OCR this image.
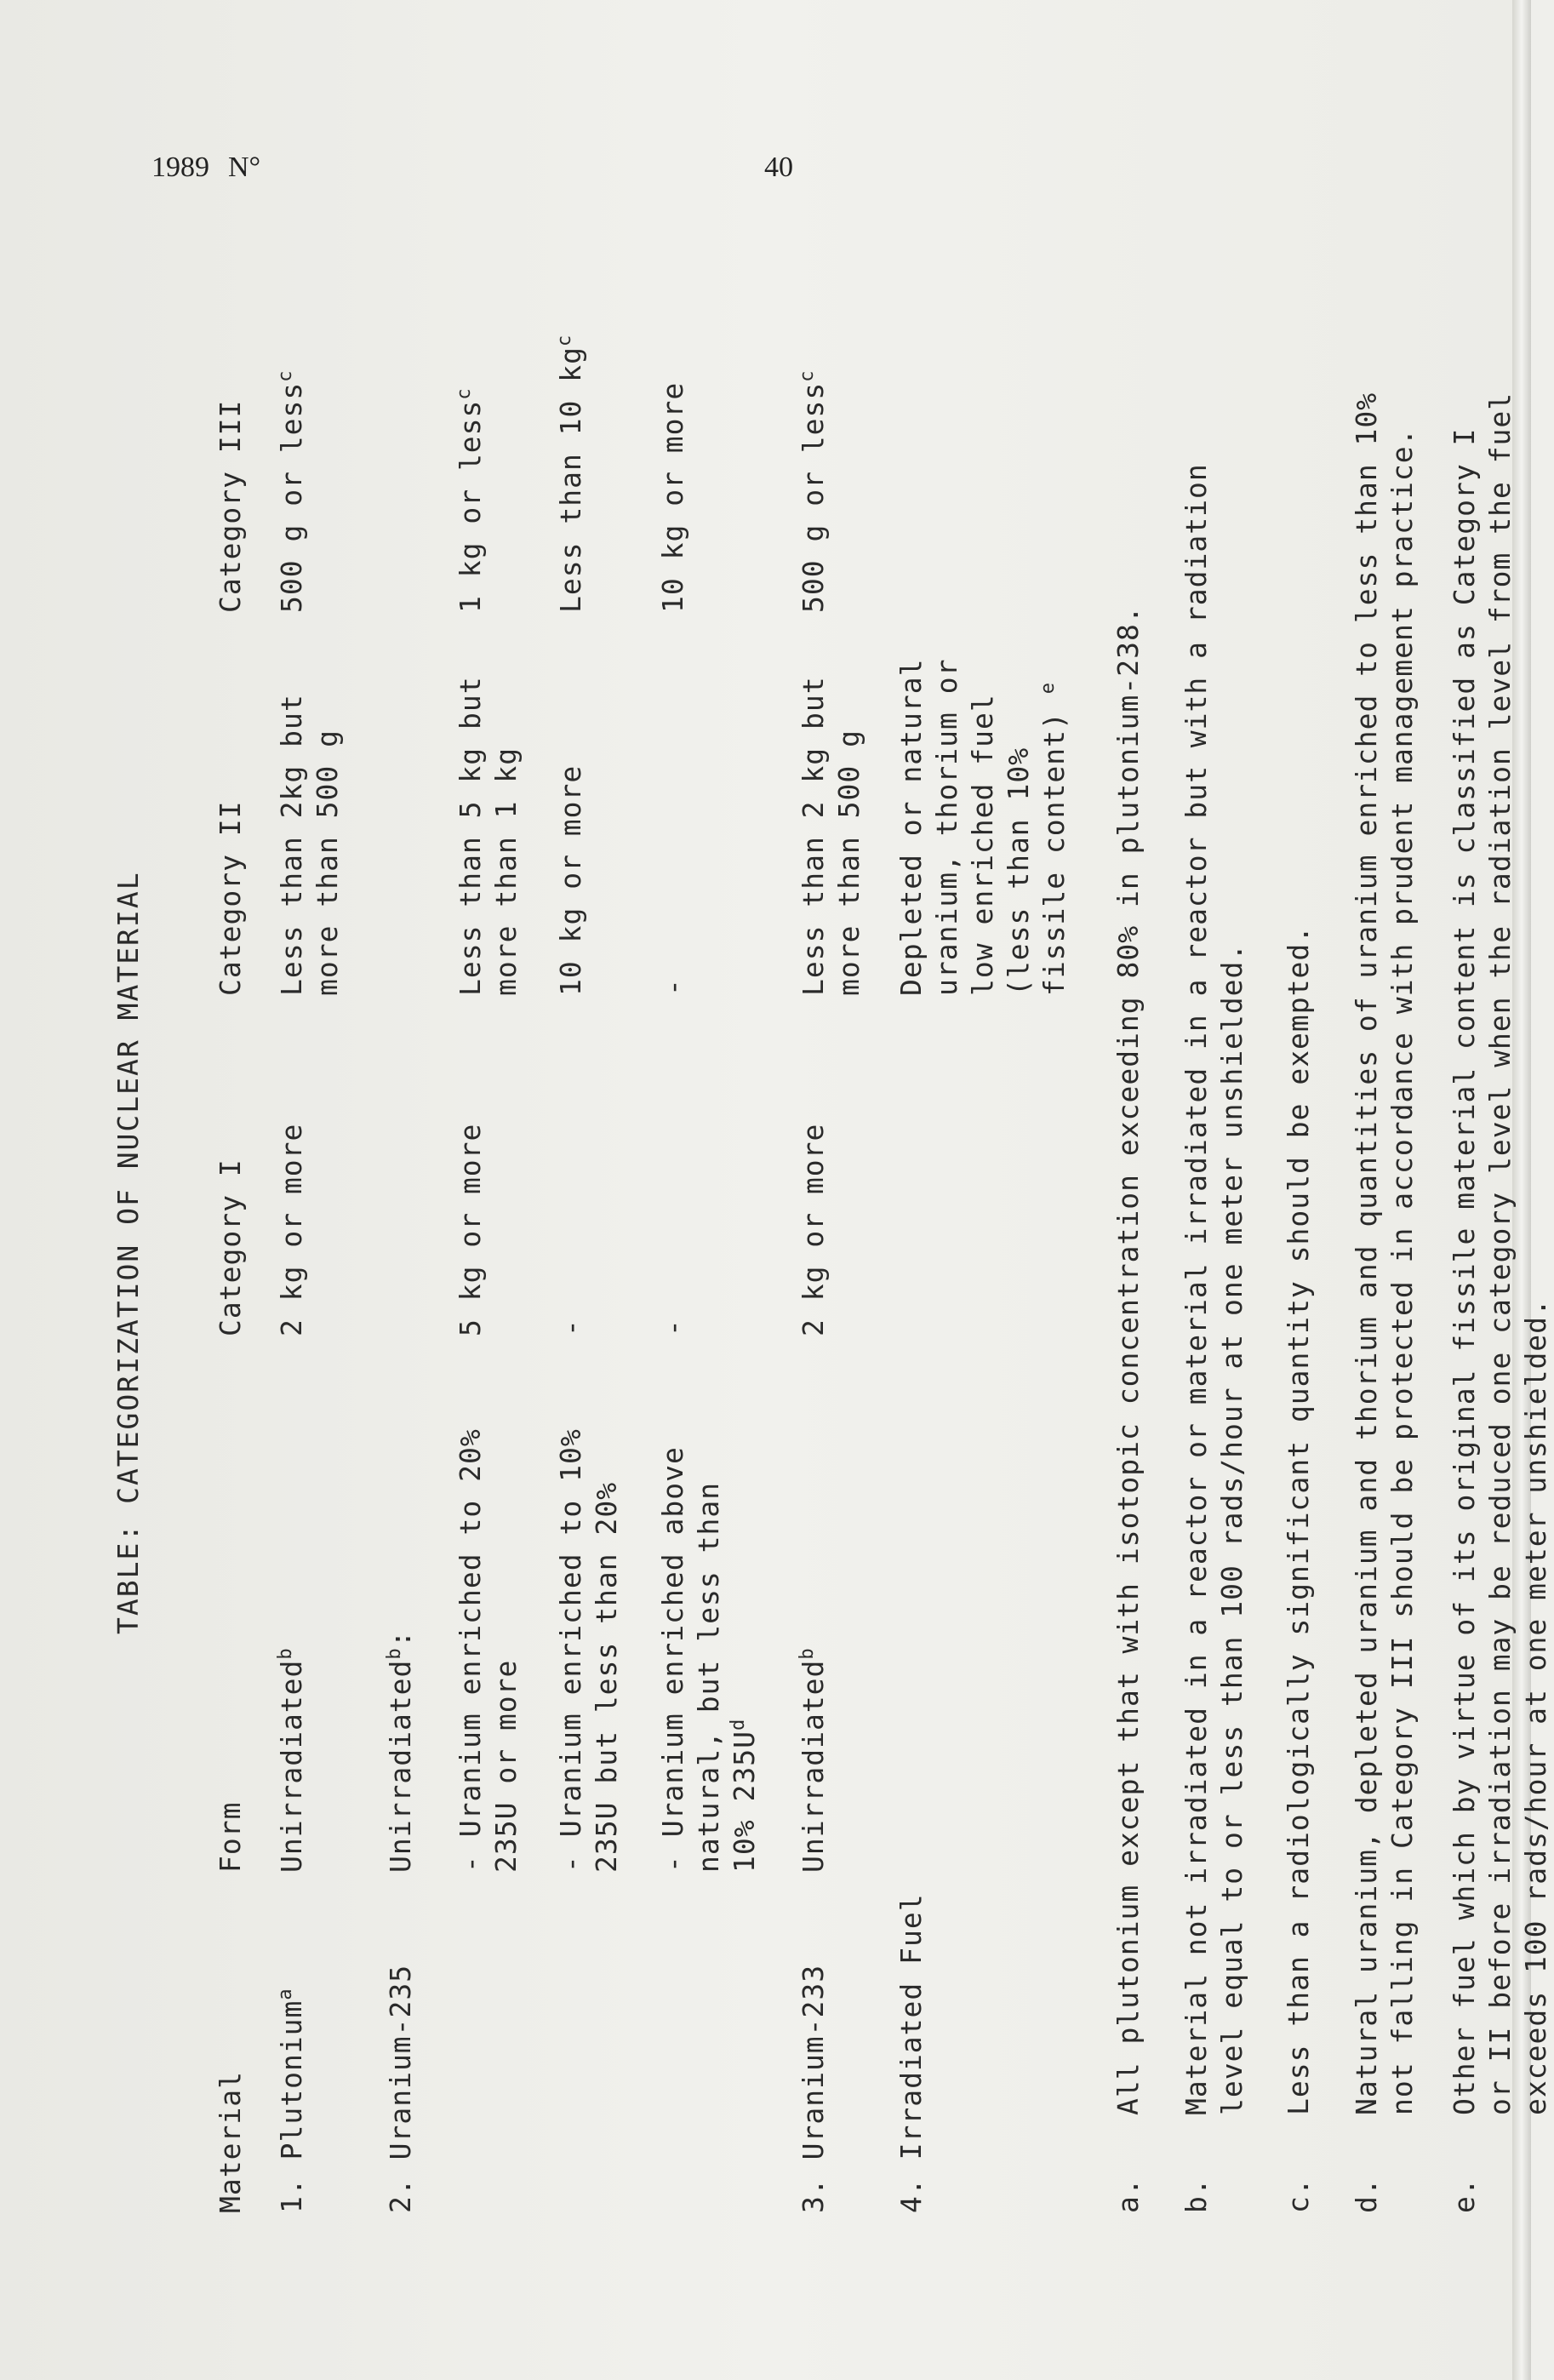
1989 N°	40
TABLE: CATEGORIZATION OF NUCLEAR MATERIAL
Material
Form
Category I
Category II
Category III
1. Plutonium$^a$
Unirradiated$^b$
2 kg or more
Less than 2kg but
more than 500 g
500 g or less$^c$
2. Uranium-235
Unirradiated$^b$:
- Uranium enriched to 20%
235U or more
5 kg or more
Less than 5 kg but
more than 1 kg
1 kg or less$^c$
- Uranium enriched to 10%
235U but less than 20%
-
10 kg or more
Less than 10 $kg^c$
- Uranium enriched above
natural, but less than
10% $235U^d$
-
-
10 kg or more
3. Uranium-233
Unirradiated$^b$
2 kg or more
Less than 2 kg but
more than 500 g
500 g or less$^c$
4. Irradiated Fuel
Depleted or natural
uranium, thorium or
low enriched fuel
(less than 10%
fissile content) $^e$
a.
All plutonium except that with isotopic concentration exceeding 80% in plutonium-238.
b.
Material not irradiated in a reactor or material irradiated in a reactor but with a radiation
level equal to or less than 100 rads/hour at one meter unshielded.
c.
Less than a radiologically significant quantity should be exempted.
d.
Natural uranium, depleted uranium and thorium and quantities of uranium enriched to less than 10%
not falling in Category III should be protected in accordance with prudent management practice.
e.
Other fuel which by virtue of its original fissile material content is classified as Category I
or II before irradiation may be reduced one category level when the radiation level from the fuel
exceeds 100 rads/hour at one meter unshielded.
